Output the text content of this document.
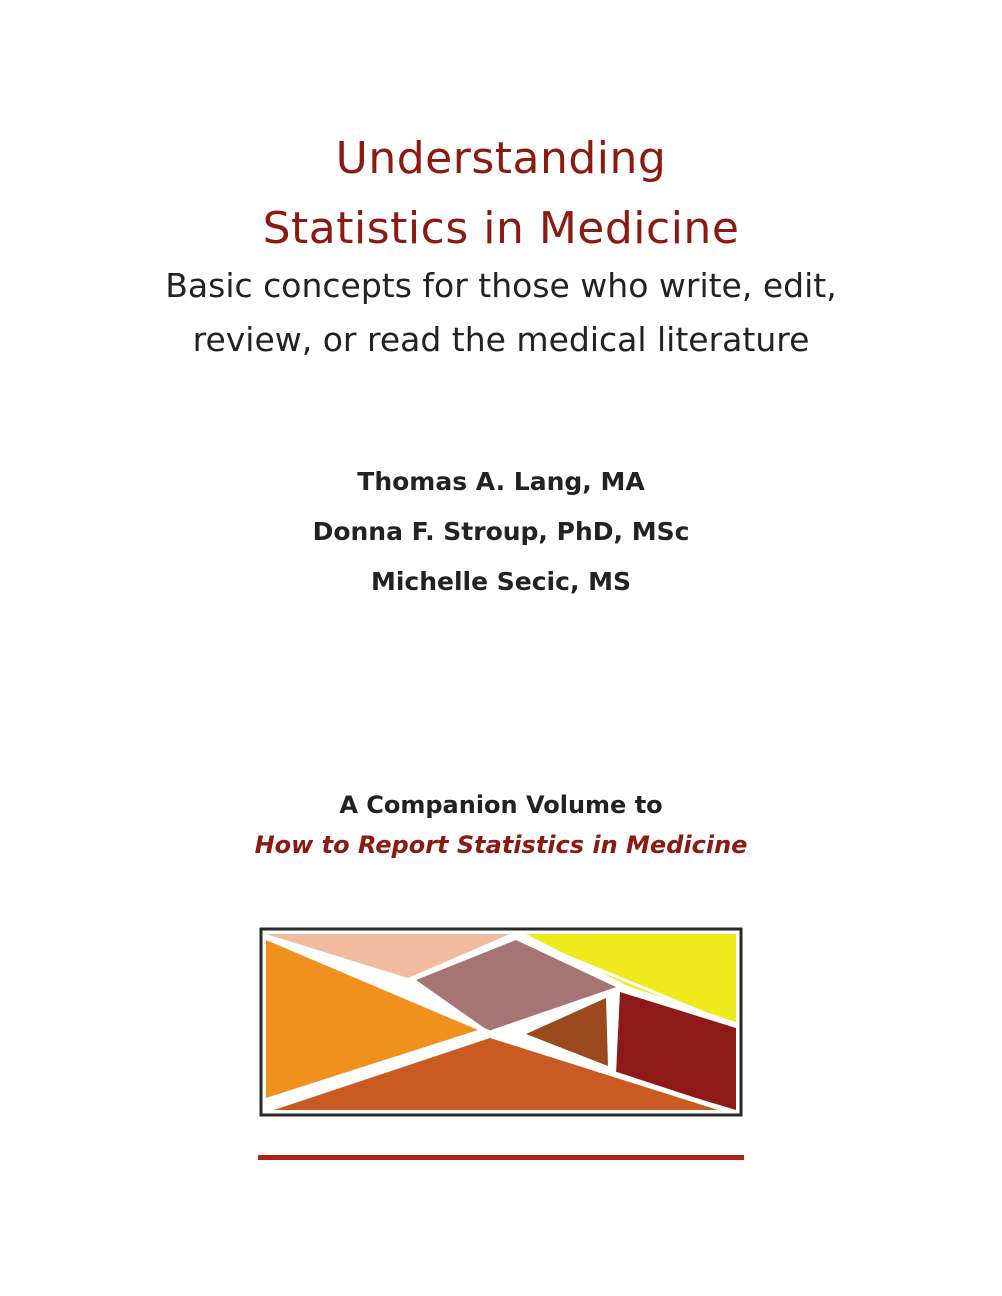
Understanding
Statistics in Medicine
Basic concepts for those who write, edit,
review, or read the medical literature
Thomas A. Lang, MA
Donna F. Stroup, PhD, MSc
Michelle Secic, MS
A Companion Volume to
How to Report Statistics in Medicine
